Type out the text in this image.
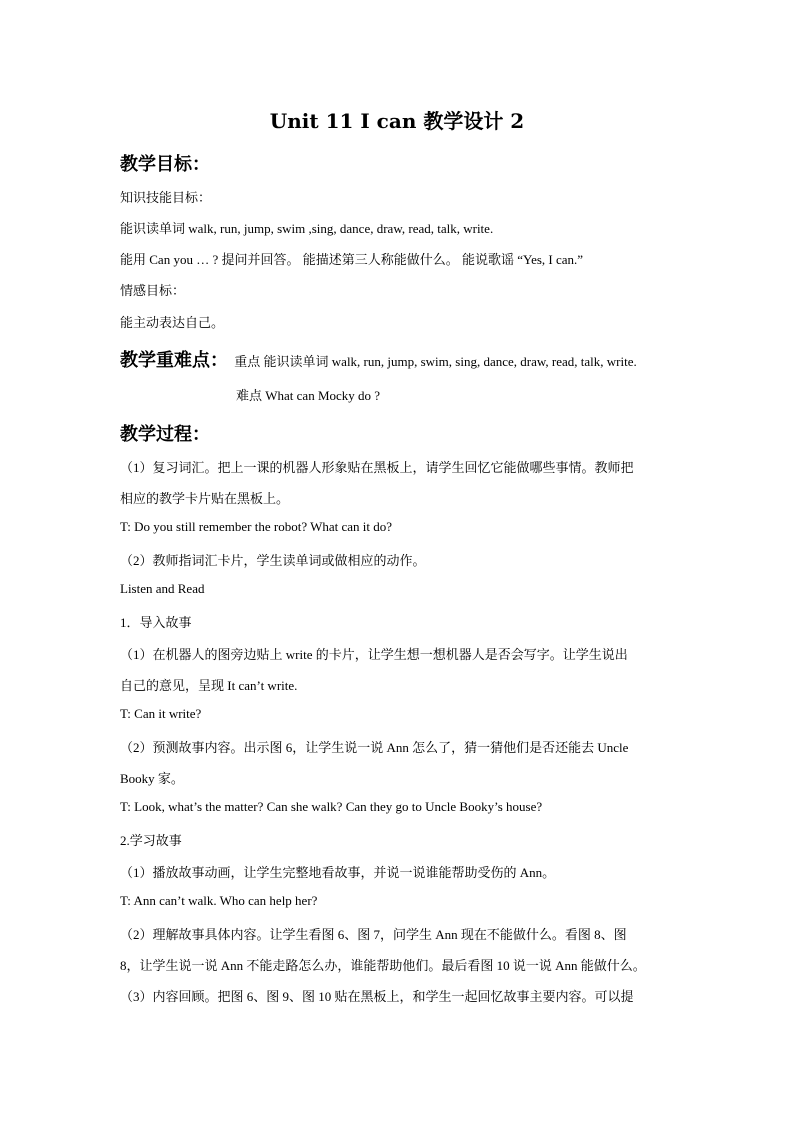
Unit 11 I can 教学设计 2
教学目标：
知识技能目标：
能识读单词 walk, run, jump, swim ,sing, dance, draw, read, talk, write.
能用 Can you … ? 提问并回答。 能描述第三人称能做什么。 能说歌谣 “Yes, I can.”
情感目标：
能主动表达自己。
教学重难点： 重点 能识读单词 walk, run, jump, swim, sing, dance, draw, read, talk, write.
难点 What can Mocky do ?
教学过程：
（1）复习词汇。把上一课的机器人形象贴在黑板上，请学生回忆它能做哪些事情。教师把
相应的教学卡片贴在黑板上。
T: Do you still remember the robot? What can it do?
（2）教师指词汇卡片，学生读单词或做相应的动作。
Listen and Read
1．导入故事
（1）在机器人的图旁边贴上 write 的卡片，让学生想一想机器人是否会写字。让学生说出
自己的意见，呈现 It can’t write.
T: Can it write?
（2）预测故事内容。出示图 6，让学生说一说 Ann 怎么了，猜一猜他们是否还能去 Uncle
Booky 家。
T: Look, what’s the matter? Can she walk? Can they go to Uncle Booky’s house?
2.学习故事
（1）播放故事动画，让学生完整地看故事，并说一说谁能帮助受伤的 Ann。
T: Ann can’t walk. Who can help her?
（2）理解故事具体内容。让学生看图 6、图 7，问学生 Ann 现在不能做什么。看图 8、图
8，让学生说一说 Ann 不能走路怎么办，谁能帮助他们。最后看图 10 说一说 Ann 能做什么。
（3）内容回顾。把图 6、图 9、图 10 贴在黑板上，和学生一起回忆故事主要内容。可以提
